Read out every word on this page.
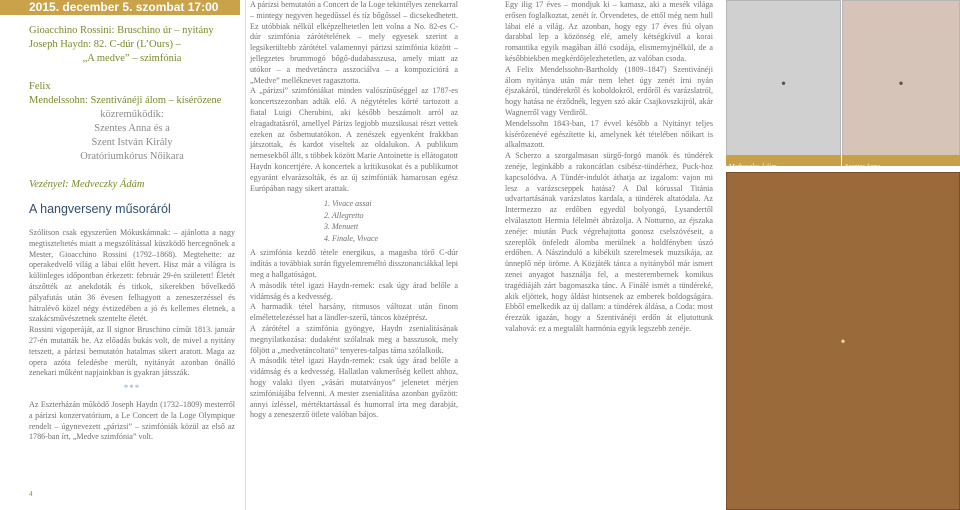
2015. december 5. szombat 17:00
Gioacchino Rossini: Bruschino úr – nyitány
Joseph Haydn: 82. C-dúr (L’Ours) –
„A medve” – szimfónia
Felix
Mendelssohn: Szentivánéji álom – kísérőzene
közreműködik:
Szentes Anna és a
Szent István Király
Oratóriumkórus Nőikara
Vezényel: Medveczky Ádám
A hangverseny műsoráról

Szólítson csak egyszerűen Mókuskámnak: – ajánlotta a nagy megtiszteltetés miatt a megszólítással küszködő hercegnőnek a Mester, Gioacchino Rossini (1792–1868). Megtehette: az operakedvelő világ a lábai előtt hevert. Hisz már a világra is különleges időpontban érkezett: február 29-én született! Életét átszőtték az anekdoták és titkok, sikerekben bővelkedő pályafutás után 36 évesen felhagyott a zeneszerzéssel és hátralévő közel négy évtizedében a jó és kellemes életnek, a szakácsművészetnek szentelte életét.

Rossini vígoperáját, az Il signor Bruschino címűt 1813. január 27-én mutatták be. Az előadás bukás volt, de mivel a nyitány tetszett, a párizsi bemutatón hatalmas sikert aratott. Maga az opera azóta feledésbe merült, nyitányát azonban önálló zenekari műként napjainkban is gyakran játsszák.

***

Az Eszterházán működő Joseph Haydn (1732–1809) mesterről a párizsi konzervatórium, a Le Concert de la Loge Olympique rendelt – úgynevezett „párizsi” – szimfóniák közül az első az 1786-ban írt, „Medve szimfónia” volt.

4

A párizsi bemutatón a Concert de la Loge tekintélyes zenekarral – mintegy negyven hegedűssel és tíz bőgőssel – dicsekedhetett. Ez utóbbiak nélkül elképzelhetetlen lett volna a No. 82-es C-dúr szimfónia zárótételének – mely egyesek szerint a legsikerültebb zárótétel valamennyi párizsi szimfónia között – jellegzetes brummogó bőgő-dudabasszusa, amely miatt az utókor – a medvetáncra asszociálva – a kompozíciórá a „Medve” melléknevet ragasztotta.

A „párizsi” szimfóniákat minden valószínűséggel az 1787-es koncertszezonban adták elő. A négytételes kórté tartozott a fiatal Luigi Cherubini, aki később beszámolt arról az elragadtatásról, amellyel Párizs legjobb muzsikusai részt vettek ezeken az ősbemutatókon. A zenészek egyenként frakkban játszottak, és kardot viseltek az oldalukon. A publikum nemesekből állt, s többek között Marie Antoinette is ellátogatott Haydn koncertjére. A koncertek a kritikusokat és a publikumot egyaránt elvarázsolták, és az új szimfóniák hamarosan egész Európában nagy sikert arattak.

1. Vivace assai
2. Allegretto
3. Menuett
4. Finale, Vivace

A szimfónia kezdő tétele energikus, a magasba törő C-dúr indítás a továbbiak során figyelemreméltó disszonanciákkal lepi meg a hallgatóságot.

A második tétel igazi Haydn-remek: csak úgy árad belőle a vidámság és a kedvesség.

A harmadik tétel harsány, ritmusos változat után finom elmélettelezéssel hat a ländler-szerű, táncos középrész.

A zárótétel a szimfónia gyöngye, Haydn zsenialitásának megnyilatkozása: dudaként szólalnak meg a basszusok, mely följött a „medvetáncoltató” tenyeres-talpas táma szólalkoik.

A második tétel igazi Haydn-remek: csak úgy árad belőle a vidámság és a kedvesség. Hallatlan vakmerőség kellett ahhoz, hogy valaki ilyen „vásári mutatványos” jelenetet mérjen szimfóniájába felvenni. A mester zsenialitása azonban győzött: annyi ízléssel, mértéktartással és humorral írta meg darabját, hogy a zeneszerző ötlete valóban bájos.

Egy ilig 17 éves – mondjuk ki – kamasz, aki a mesék világa erősen foglalkoztat, zenét ír. Örvendetes, de ettől még nem hull lábai elé a világ. Az azonban, hogy egy 17 éves fiú olyan darabbal lep a közönség elé, amely kétségkívül a korai romantika egyik magában álló csodája, elismernyjnélkül, de a későbbiekben megkérdőjelezhetetlen, az valóban csoda.

A Felix Mendelssohn-Bartholdy (1809–1847) Szentivánéji álom nyitánya után már nem lehet úgy zenét írni nyán éjszakáról, tündérekről és koboldokról, erdőről és varázslatról, hogy hatása ne érződnék, legyen szó akár Csajkovszkijról, akár Wagnerről vagy Verdiről.

Mendelssohn 1843-ban, 17 évvel később a Nyitányt teljes kísérőzenévé egészítette ki, amelynek két tételében nőikart is alkalmazott.

A Scherzo a szorgalmasan sürgő-forgó manók és tündérek zenéje, leginkább a rakoncátlan csibész-tündérhez, Puck-hoz kapcsolódva. A Tündér-indulót áthatja az izgalom: vajon mi lesz a varázscseppek hatása? A Dal kórussal Titánia udvartartásának varázslatos kardala, a tündérek altatódala. Az Intermezzo az erdőben egyedül bolyongó, Lysandertől elválasztott Hermia félelmét ábrázolja. A Notturno, az éjszaka zenéje: miután Puck végrehajtotta gonosz cselszövéseit, a szereplők önfeledt álomba merülnek a holdfényben úszó erdőben. A Nászinduló a kibékült szerelmesek muzsikája, az ünneplő nép öröme. A Közjáték tánca a nyitányból már ismert zenei anyagot használja fel, a mesterembernek komikus tragédiájáh zárt bagomaszka tánc. A Finálé ismét a tündéreké, akik eljöttek, hogy áldást hintsenek az emberek boldogságára. Ebből emelkedik az új dallam: a tündérek áldása, a Coda: most érezzük igazán, hogy a Szentivánéji erdőn át eljutottunk valahová: ez a megtalált harmónia egyik legszebb zenéje.

●
Medveczky Ádám
●
Szentes Anna
●
